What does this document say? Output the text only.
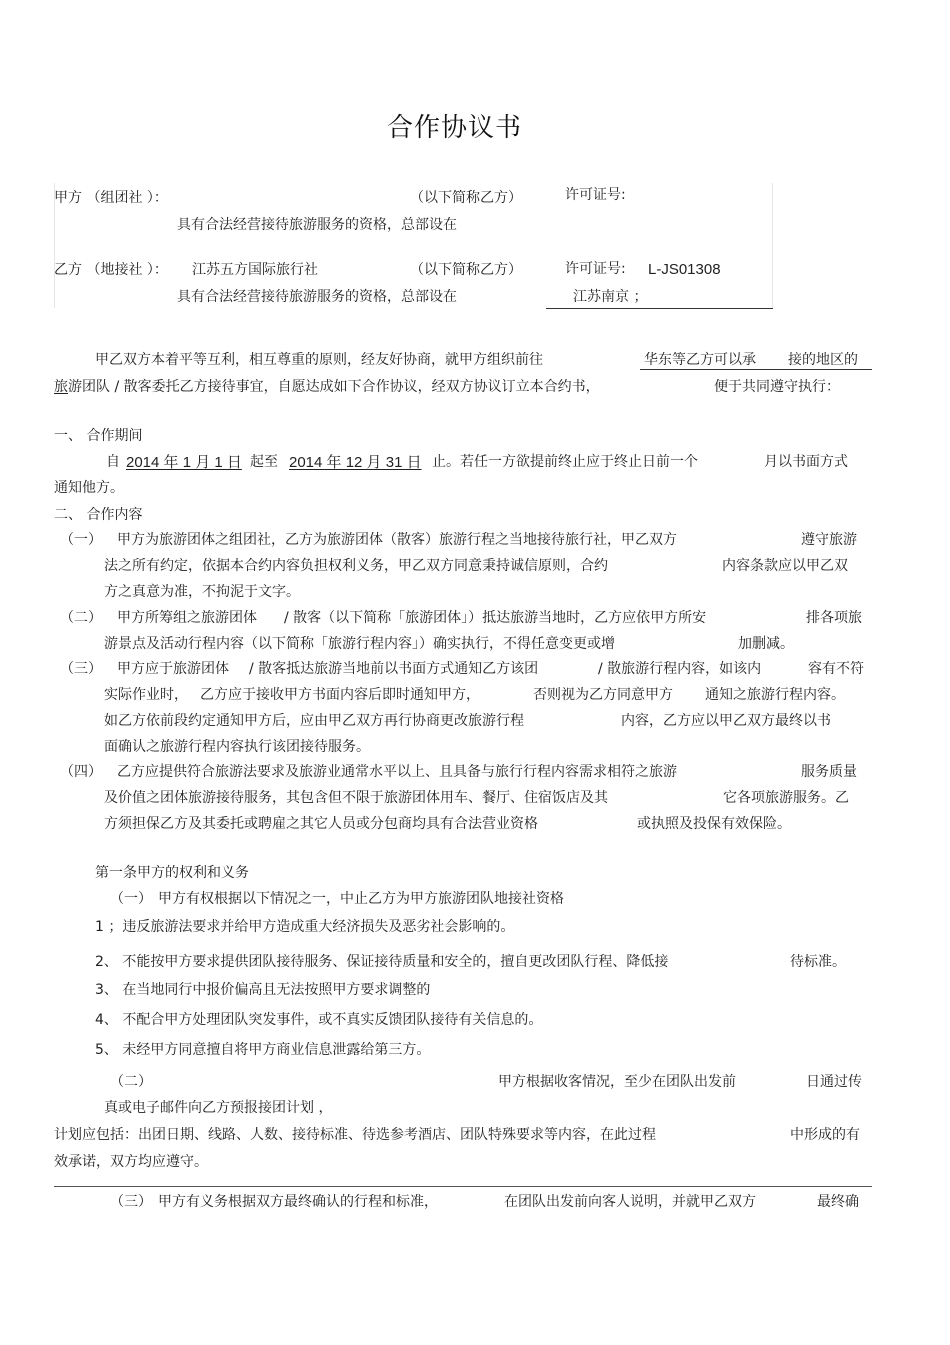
合作协议书
甲方 （组团社 ）：	（以下简称乙方）	许可证号:
具有合法经营接待旅游服务的资格，总部设在
乙方 （地接社 ）： 江苏五方国际旅行社	（以下简称乙方）	许可证号: L-JS01308
具有合法经营接待旅游服务的资格，总部设在	江苏南京 ；
甲乙双方本着平等互利，相互尊重的原则，经友好协商，就甲方组织前往	华东等乙方可以承 接的地区的
旅 游团队 / 散客委托乙方接待事宜，自愿达成如下合作协议，经双方协议订立本合约书，	便于共同遵守执行：
一、 合作期间
自 2014 年 1 月 1 日 起至 2014 年 12 月 31 日 止。若任一方欲提前终止应于终止日前一个	月以书面方式
通知他方。
二、 合作内容
（一） 甲方为旅游团体之组团社，乙方为旅游团体（散客）旅游行程之当地接待旅行社，甲乙双方	遵守旅游
法之所有约定，依据本合约内容负担权利义务，甲乙双方同意秉持诚信原则，合约	内容条款应以甲乙双
方之真意为准，不拘泥于文字。
（二） 甲方所筹组之旅游团体 / 散客（以下简称「旅游团体」）抵达旅游当地时，乙方应依甲方所安	排各项旅
游景点及活动行程内容（以下简称「旅游行程内容」）确实执行，不得任意变更或增	加删减。
（三） 甲方应于旅游团体 / 散客抵达旅游当地前以书面方式通知乙方该团	/ 散旅游行程内容，如该内	容有不符
实际作业时， 乙方应于接收甲方书面内容后即时通知甲方，	否则视为乙方同意甲方 通知之旅游行程内容。
如乙方依前段约定通知甲方后，应由甲乙双方再行协商更改旅游行程	内容，乙方应以甲乙双方最终以书
面确认之旅游行程内容执行该团接待服务。
（四） 乙方应提供符合旅游法要求及旅游业通常水平以上、且具备与旅行行程内容需求相符之旅游	服务质量
及价值之团体旅游接待服务，其包含但不限于旅游团体用车、餐厅、住宿饭店及其	它各项旅游服务。乙
方须担保乙方及其委托或聘雇之其它人员或分包商均具有合法营业资格	或执照及投保有效保险。
第一条甲方的权利和义务
（一） 甲方有权根据以下情况之一，中止乙方为甲方旅游团队地接社资格
1 ；违反旅游法要求并给甲方造成重大经济损失及恶劣社会影响的。
2、 不能按甲方要求提供团队接待服务、保证接待质量和安全的，擅自更改团队行程、降低接	待标准。
3、 在当地同行中报价偏高且无法按照甲方要求调整的
4、 不配合甲方处理团队突发事件，或不真实反馈团队接待有关信息的。
5、 未经甲方同意擅自将甲方商业信息泄露给第三方。
（二）	甲方根据收客情况，至少在团队出发前	日通过传
真或电子邮件向乙方预报接团计划 ，
计划应包括：出团日期、线路、人数、接待标准、待选参考酒店、团队特殊要求等内容，在此过程	中形成的有
效承诺，双方均应遵守。
（三） 甲方有义务根据双方最终确认的行程和标准，	在团队出发前向客人说明，并就甲乙双方	最终确
